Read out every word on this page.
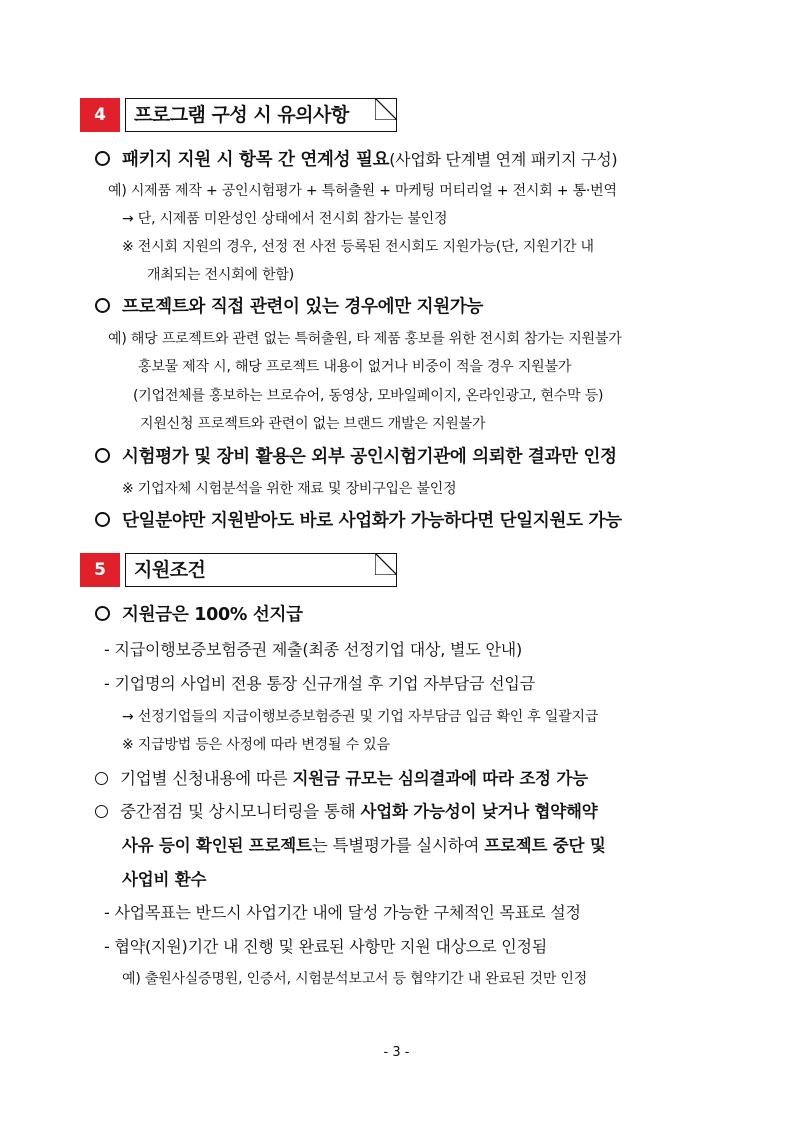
4	프로그램 구성 시 유의사항
패키지 지원 시 항목 간 연계성 필요(사업화 단계별 연계 패키지 구성)
예) 시제품 제작 + 공인시험평가 + 특허출원 + 마케팅 머티리얼 + 전시회 + 통·번역
→ 단, 시제품 미완성인 상태에서 전시회 참가는 불인정
※ 전시회 지원의 경우, 선정 전 사전 등록된 전시회도 지원가능(단, 지원기간 내
개최되는 전시회에 한함)
프로젝트와 직접 관련이 있는 경우에만 지원가능
예) 해당 프로젝트와 관련 없는 특허출원, 타 제품 홍보를 위한 전시회 참가는 지원불가
홍보물 제작 시, 해당 프로젝트 내용이 없거나 비중이 적을 경우 지원불가
(기업전체를 홍보하는 브로슈어, 동영상, 모바일페이지, 온라인광고, 현수막 등)
지원신청 프로젝트와 관련이 없는 브랜드 개발은 지원불가
시험평가 및 장비 활용은 외부 공인시험기관에 의뢰한 결과만 인정
※ 기업자체 시험분석을 위한 재료 및 장비구입은 불인정
단일분야만 지원받아도 바로 사업화가 가능하다면 단일지원도 가능
5	지원조건
지원금은 100% 선지급
- 지급이행보증보험증권 제출(최종 선정기업 대상, 별도 안내)
- 기업명의 사업비 전용 통장 신규개설 후 기업 자부담금 선입금
→ 선정기업들의 지급이행보증보험증권 및 기업 자부담금 입금 확인 후 일괄지급
※ 지급방법 등은 사정에 따라 변경될 수 있음
기업별 신청내용에 따른 지원금 규모는 심의결과에 따라 조정 가능
중간점검 및 상시모니터링을 통해 사업화 가능성이 낮거나 협약해약
사유 등이 확인된 프로젝트는 특별평가를 실시하여 프로젝트 중단 및
사업비 환수
- 사업목표는 반드시 사업기간 내에 달성 가능한 구체적인 목표로 설정
- 협약(지원)기간 내 진행 및 완료된 사항만 지원 대상으로 인정됨
예) 출원사실증명원, 인증서, 시험분석보고서 등 협약기간 내 완료된 것만 인정
- 3 -
